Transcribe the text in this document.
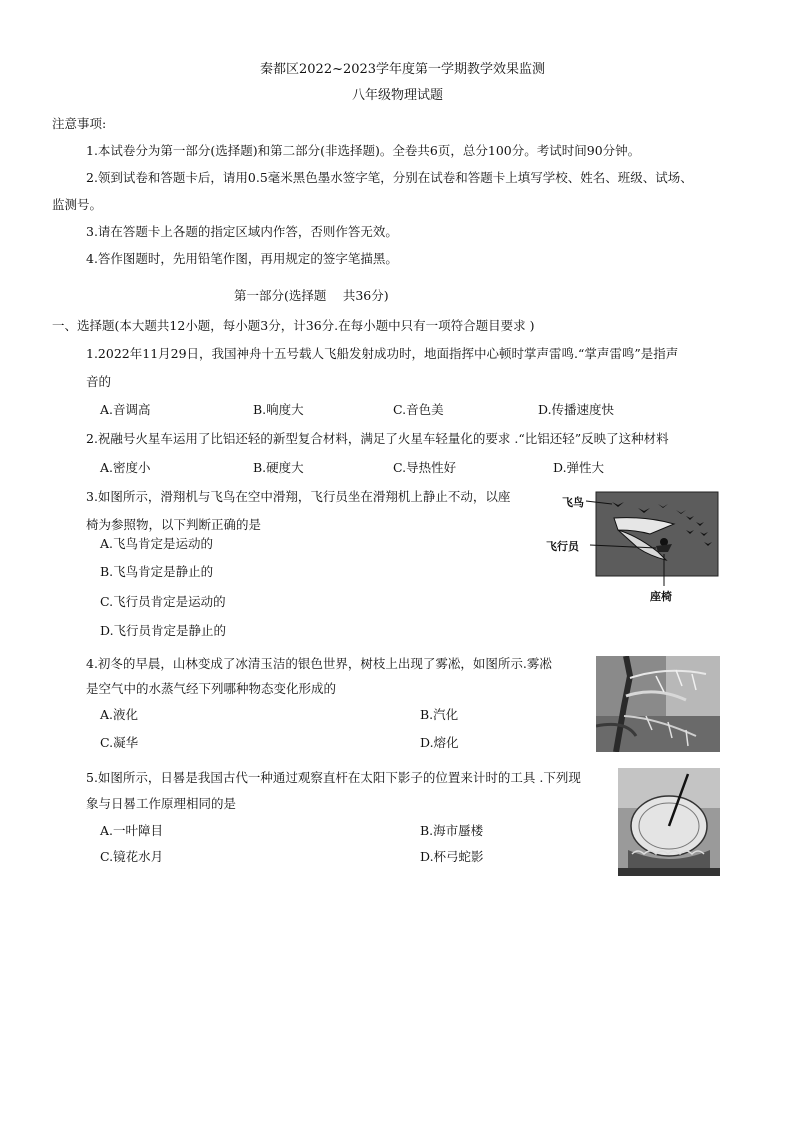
秦都区2022~2023学年度第一学期教学效果监测
八年级物理试题
注意事项:
1.本试卷分为第一部分(选择题)和第二部分(非选择题)。全卷共6页，总分100分。考试时间90分钟。
2.领到试卷和答题卡后，请用0.5毫米黑色墨水签字笔，分别在试卷和答题卡上填写学校、姓名、班级、试场、
监测号。
3.请在答题卡上各题的指定区域内作答，否则作答无效。
4.答作图题时，先用铅笔作图，再用规定的签字笔描黑。
第一部分(选择题　 共36分)
一、选择题(本大题共12小题，每小题3分，计36分.在每小题中只有一项符合题目要求 )
1.2022年11月29日，我国神舟十五号载人飞船发射成功时，地面指挥中心顿时掌声雷鸣.“掌声雷鸣”是指声
音的
A.音调高	B.响度大	C.音色美	D.传播速度快
2.祝融号火星车运用了比铝还轻的新型复合材料，满足了火星车轻量化的要求 .“比铝还轻”反映了这种材料
A.密度小	B.硬度大	C.导热性好	D.弹性大
3.如图所示，滑翔机与飞鸟在空中滑翔，飞行员坐在滑翔机上静止不动，以座
椅为参照物，以下判断正确的是
A.飞鸟肯定是运动的
B.飞鸟肯定是静止的
C.飞行员肯定是运动的
D.飞行员肯定是静止的
飞鸟
飞行员
座椅
4.初冬的早晨，山林变成了冰清玉洁的银色世界，树枝上出现了雾凇，如图所示.雾凇
是空气中的水蒸气经下列哪种物态变化形成的
A.液化	B.汽化
C.凝华	D.熔化
5.如图所示，日晷是我国古代一种通过观察直杆在太阳下影子的位置来计时的工具 .下列现
象与日晷工作原理相同的是
A.一叶障目	B.海市蜃楼
C.镜花水月	D.杯弓蛇影
